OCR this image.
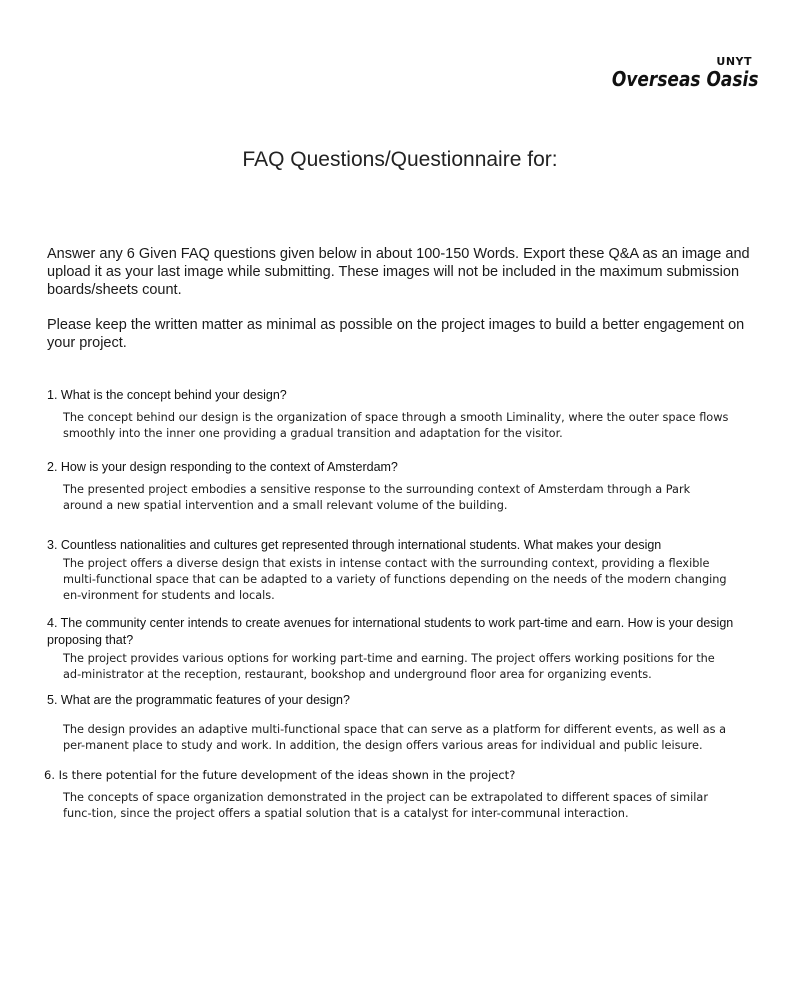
UNYT
Overseas Oasis
FAQ Questions/Questionnaire for:

Answer any 6 Given FAQ questions given below in about 100-150 Words. Export these Q&A as an image and upload it as your last image while submitting. These images will not be included in the maximum submission boards/sheets count.

Please keep the written matter as minimal as possible on the project images to build a better engagement on your project.

1. What is the concept behind your design?

The concept behind our design is the organization of space through a smooth Liminality, where the outer space flows smoothly into the inner one providing a gradual transition and adaptation for the visitor.

2. How is your design responding to the context of Amsterdam?

The presented project embodies a sensitive response to the surrounding context of Amsterdam through a Park around a new spatial intervention and a small relevant volume of the building.

3. Countless nationalities and cultures get represented through international students. What makes your design

The project offers a diverse design that exists in intense contact with the surrounding context, providing a flexible multi-functional space that can be adapted to a variety of functions depending on the needs of the modern changing en-vironment for students and locals.

4. The community center intends to create avenues for international students to work part-time and earn. How is your design proposing that?

The project provides various options for working part-time and earning. The project offers working positions for the ad-ministrator at the reception, restaurant, bookshop and underground floor area for organizing events.

5. What are the programmatic features of your design?

The design provides an adaptive multi-functional space that can serve as a platform for different events, as well as a per-manent place to study and work. In addition, the design offers various areas for individual and public leisure.

6. Is there potential for the future development of the ideas shown in the project?

The concepts of space organization demonstrated in the project can be extrapolated to different spaces of similar func-tion, since the project offers a spatial solution that is a catalyst for inter-communal interaction.
